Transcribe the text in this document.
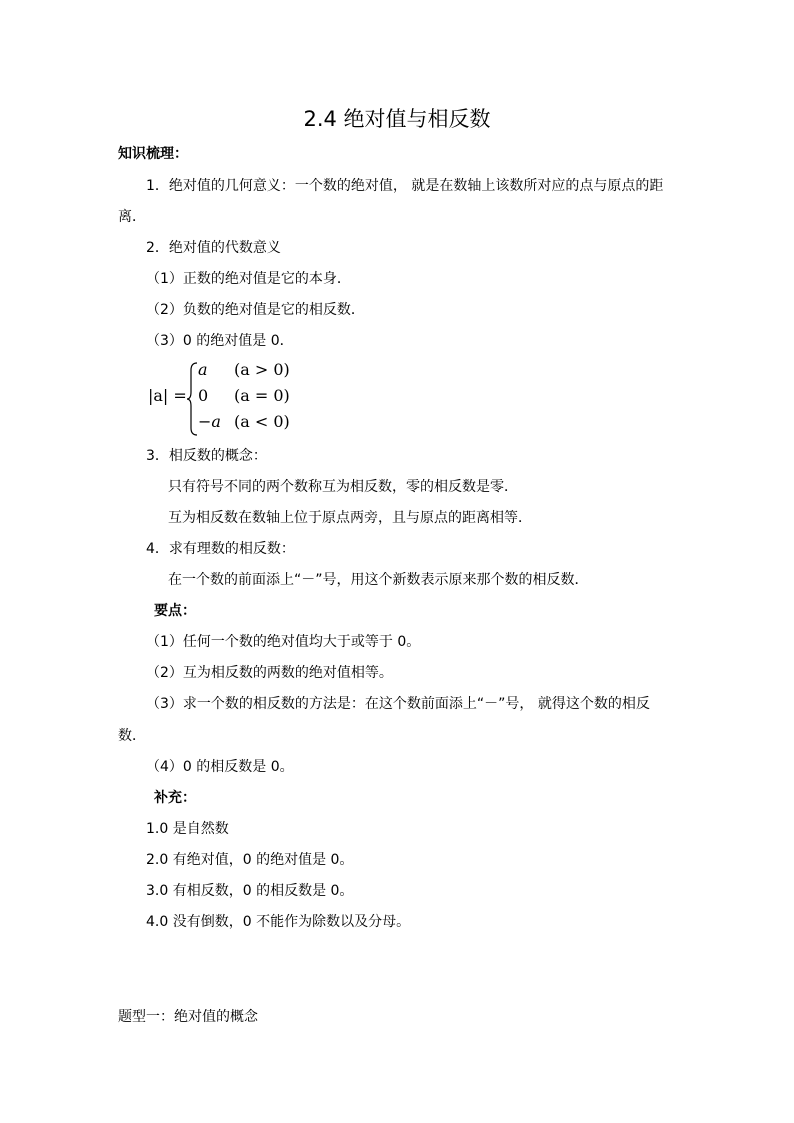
2.4 绝对值与相反数
知识梳理：
1．绝对值的几何意义：一个数的绝对值， 就是在数轴上该数所对应的点与原点的距
离．
2．绝对值的代数意义
（1）正数的绝对值是它的本身．
（2）负数的绝对值是它的相反数．
（3）0 的绝对值是 0．
|a| =
a (a > 0)
0 (a = 0)
−a (a < 0)
3．相反数的概念：
只有符号不同的两个数称互为相反数，零的相反数是零．
互为相反数在数轴上位于原点两旁，且与原点的距离相等．
4．求有理数的相反数：
在一个数的前面添上“－”号，用这个新数表示原来那个数的相反数．
要点：
（1）任何一个数的绝对值均大于或等于 0。
（2）互为相反数的两数的绝对值相等。
（3）求一个数的相反数的方法是：在这个数前面添上“－”号， 就得这个数的相反
数．
（4）0 的相反数是 0。
补充：
1.0 是自然数
2.0 有绝对值，0 的绝对值是 0。
3.0 有相反数，0 的相反数是 0。
4.0 没有倒数，0 不能作为除数以及分母。
题型一：绝对值的概念
